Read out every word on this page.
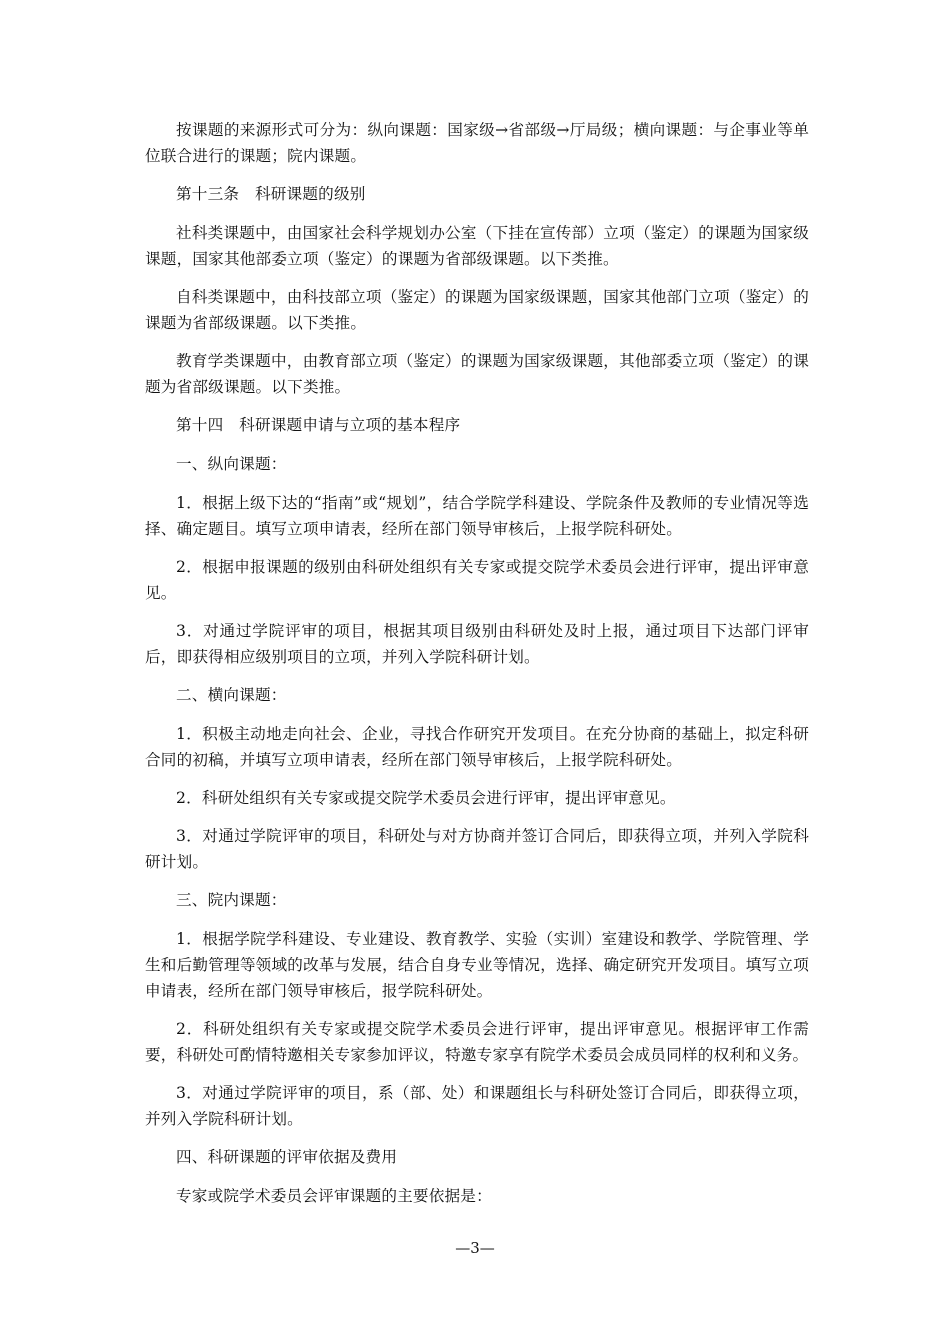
按课题的来源形式可分为：纵向课题：国家级→省部级→厅局级；横向课题：与企事业等单位联合进行的课题；院内课题。

第十三条　科研课题的级别

社科类课题中，由国家社会科学规划办公室（下挂在宣传部）立项（鉴定）的课题为国家级课题，国家其他部委立项（鉴定）的课题为省部级课题。以下类推。

自科类课题中，由科技部立项（鉴定）的课题为国家级课题，国家其他部门立项（鉴定）的课题为省部级课题。以下类推。

教育学类课题中，由教育部立项（鉴定）的课题为国家级课题，其他部委立项（鉴定）的课题为省部级课题。以下类推。

第十四　科研课题申请与立项的基本程序

一、纵向课题：

1．根据上级下达的“指南”或“规划”，结合学院学科建设、学院条件及教师的专业情况等选择、确定题目。填写立项申请表，经所在部门领导审核后，上报学院科研处。

2．根据申报课题的级别由科研处组织有关专家或提交院学术委员会进行评审，提出评审意见。

3．对通过学院评审的项目，根据其项目级别由科研处及时上报，通过项目下达部门评审后，即获得相应级别项目的立项，并列入学院科研计划。

二、横向课题：

1．积极主动地走向社会、企业，寻找合作研究开发项目。在充分协商的基础上，拟定科研合同的初稿，并填写立项申请表，经所在部门领导审核后，上报学院科研处。

2．科研处组织有关专家或提交院学术委员会进行评审，提出评审意见。

3．对通过学院评审的项目，科研处与对方协商并签订合同后，即获得立项，并列入学院科研计划。

三、院内课题：

1．根据学院学科建设、专业建设、教育教学、实验（实训）室建设和教学、学院管理、学生和后勤管理等领域的改革与发展，结合自身专业等情况，选择、确定研究开发项目。填写立项申请表，经所在部门领导审核后，报学院科研处。

2．科研处组织有关专家或提交院学术委员会进行评审，提出评审意见。根据评审工作需要，科研处可酌情特邀相关专家参加评议，特邀专家享有院学术委员会成员同样的权利和义务。

3．对通过学院评审的项目，系（部、处）和课题组长与科研处签订合同后，即获得立项，并列入学院科研计划。

四、科研课题的评审依据及费用

专家或院学术委员会评审课题的主要依据是：

—3—
